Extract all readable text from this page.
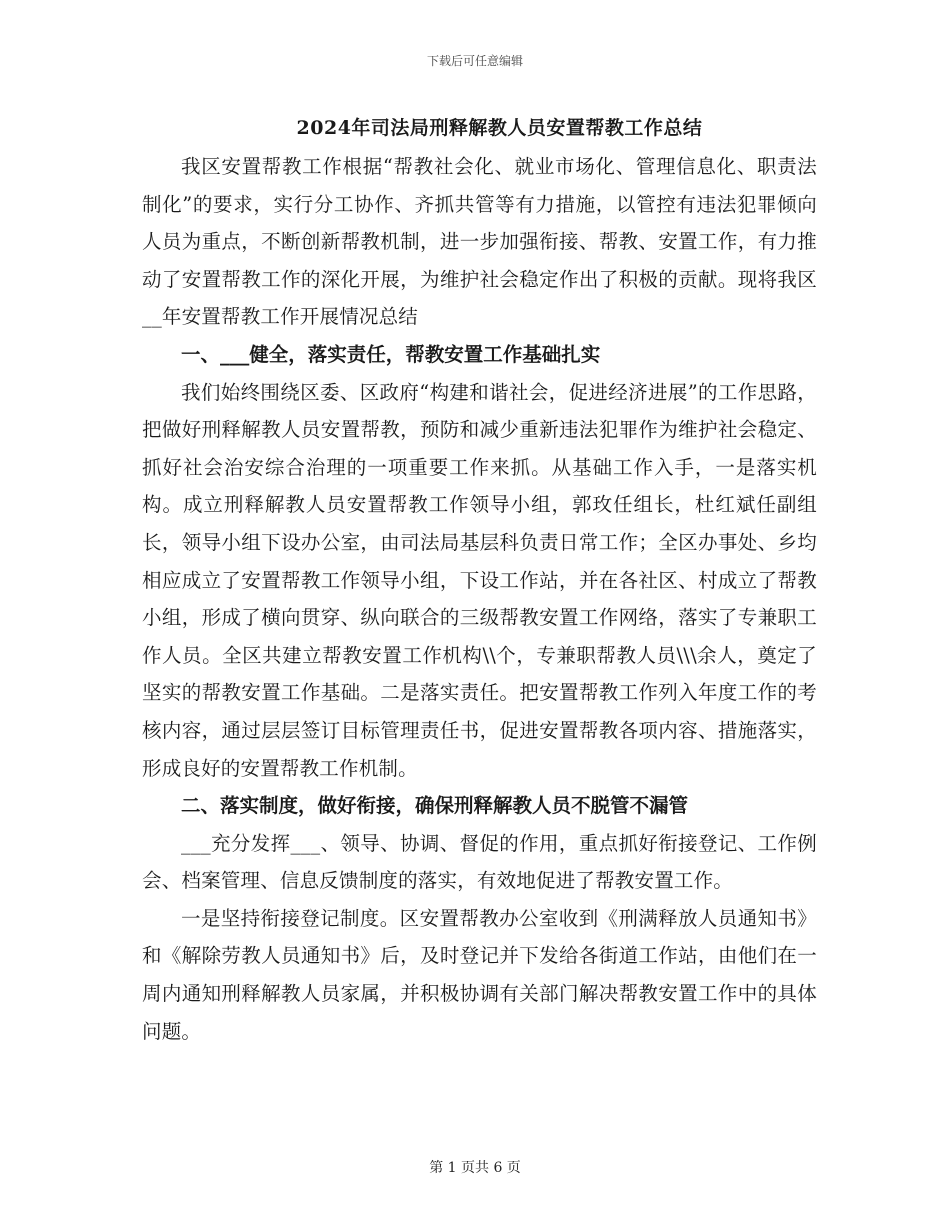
下载后可任意编辑

2024年司法局刑释解教人员安置帮教工作总结

我区安置帮教工作根据“帮教社会化、就业市场化、管理信息化、职责法制化”的要求，实行分工协作、齐抓共管等有力措施，以管控有违法犯罪倾向人员为重点，不断创新帮教机制，进一步加强衔接、帮教、安置工作，有力推动了安置帮教工作的深化开展，为维护社会稳定作出了积极的贡献。现将我区__年安置帮教工作开展情况总结

一、___健全，落实责任，帮教安置工作基础扎实

我们始终围绕区委、区政府“构建和谐社会，促进经济进展”的工作思路，把做好刑释解教人员安置帮教，预防和减少重新违法犯罪作为维护社会稳定、抓好社会治安综合治理的一项重要工作来抓。从基础工作入手，一是落实机构。成立刑释解教人员安置帮教工作领导小组，郭玫任组长，杜红斌任副组长，领导小组下设办公室，由司法局基层科负责日常工作；全区办事处、乡均相应成立了安置帮教工作领导小组，下设工作站，并在各社区、村成立了帮教小组，形成了横向贯穿、纵向联合的三级帮教安置工作网络，落实了专兼职工作人员。全区共建立帮教安置工作机构\\个，专兼职帮教人员\\\余人，奠定了坚实的帮教安置工作基础。二是落实责任。把安置帮教工作列入年度工作的考核内容，通过层层签订目标管理责任书，促进安置帮教各项内容、措施落实，形成良好的安置帮教工作机制。

二、落实制度，做好衔接，确保刑释解教人员不脱管不漏管

___充分发挥___、领导、协调、督促的作用，重点抓好衔接登记、工作例会、档案管理、信息反馈制度的落实，有效地促进了帮教安置工作。

一是坚持衔接登记制度。区安置帮教办公室收到《刑满释放人员通知书》和《解除劳教人员通知书》后，及时登记并下发给各街道工作站，由他们在一周内通知刑释解教人员家属，并积极协调有关部门解决帮教安置工作中的具体问题。

第 1 页共 6 页
